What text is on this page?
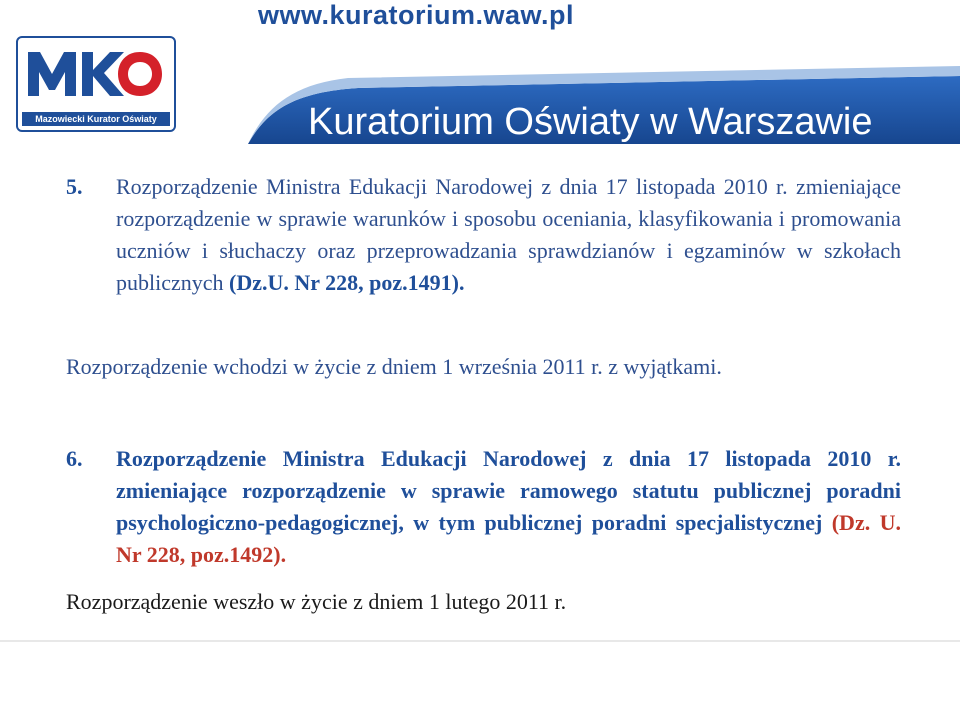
Mazowiecki Kurator Oświaty
www.kuratorium.waw.pl
Kuratorium Oświaty w Warszawie
5. Rozporządzenie Ministra Edukacji Narodowej z dnia 17 listopada 2010 r. zmieniające rozporządzenie w sprawie warunków i sposobu oceniania, klasyfikowania i promowania uczniów i słuchaczy oraz przeprowadzania sprawdzianów i egzaminów w szkołach publicznych (Dz.U. Nr 228, poz.1491).
Rozporządzenie wchodzi w życie z dniem 1 września 2011 r. z wyjątkami.
6. Rozporządzenie Ministra Edukacji Narodowej z dnia 17 listopada 2010 r. zmieniające rozporządzenie w sprawie ramowego statutu publicznej poradni psychologiczno-pedagogicznej, w tym publicznej poradni specjalistycznej (Dz. U. Nr 228, poz.1492).
Rozporządzenie weszło w życie z dniem 1 lutego 2011 r.
